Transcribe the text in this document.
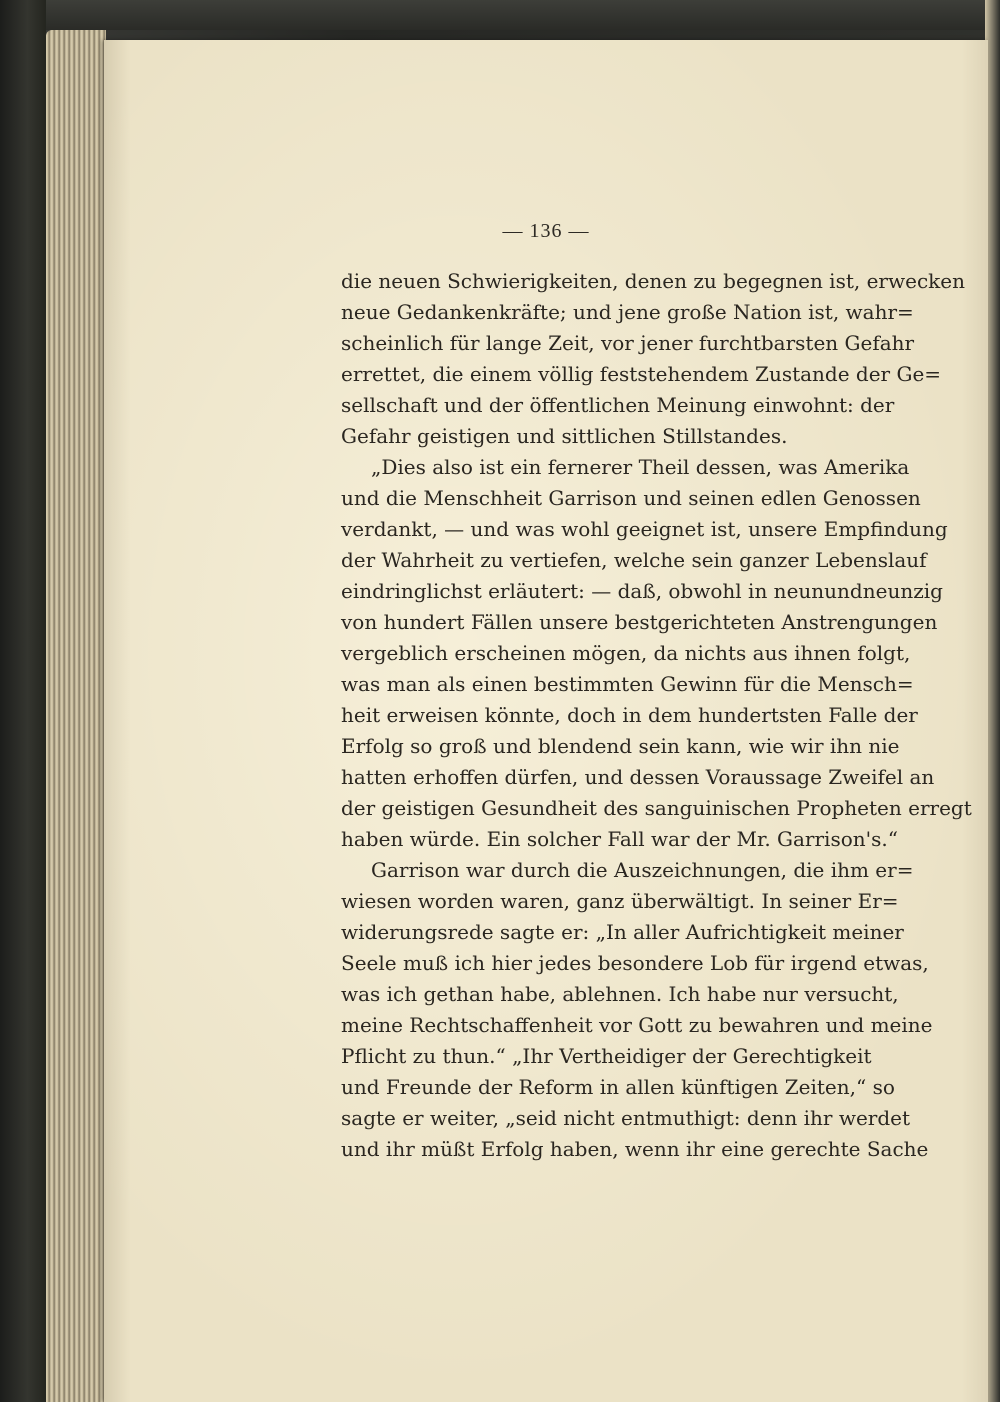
— 136 —
die neuen Schwierigkeiten, denen zu begegnen ist, erwecken
neue Gedankenkräfte; und jene große Nation ist, wahr=
scheinlich für lange Zeit, vor jener furchtbarsten Gefahr
errettet, die einem völlig feststehendem Zustande der Ge=
sellschaft und der öffentlichen Meinung einwohnt: der
Gefahr geistigen und sittlichen Stillstandes.
„Dies also ist ein fernerer Theil dessen, was Amerika
und die Menschheit Garrison und seinen edlen Genossen
verdankt, — und was wohl geeignet ist, unsere Empfindung
der Wahrheit zu vertiefen, welche sein ganzer Lebenslauf
eindringlichst erläutert: — daß, obwohl in neunundneunzig
von hundert Fällen unsere bestgerichteten Anstrengungen
vergeblich erscheinen mögen, da nichts aus ihnen folgt,
was man als einen bestimmten Gewinn für die Mensch=
heit erweisen könnte, doch in dem hundertsten Falle der
Erfolg so groß und blendend sein kann, wie wir ihn nie
hatten erhoffen dürfen, und dessen Voraussage Zweifel an
der geistigen Gesundheit des sanguinischen Propheten erregt
haben würde. Ein solcher Fall war der Mr. Garrison's.“
Garrison war durch die Auszeichnungen, die ihm er=
wiesen worden waren, ganz überwältigt. In seiner Er=
widerungsrede sagte er: „In aller Aufrichtigkeit meiner
Seele muß ich hier jedes besondere Lob für irgend etwas,
was ich gethan habe, ablehnen. Ich habe nur versucht,
meine Rechtschaffenheit vor Gott zu bewahren und meine
Pflicht zu thun.“ „Ihr Vertheidiger der Gerechtigkeit
und Freunde der Reform in allen künftigen Zeiten,“ so
sagte er weiter, „seid nicht entmuthigt: denn ihr werdet
und ihr müßt Erfolg haben, wenn ihr eine gerechte Sache
